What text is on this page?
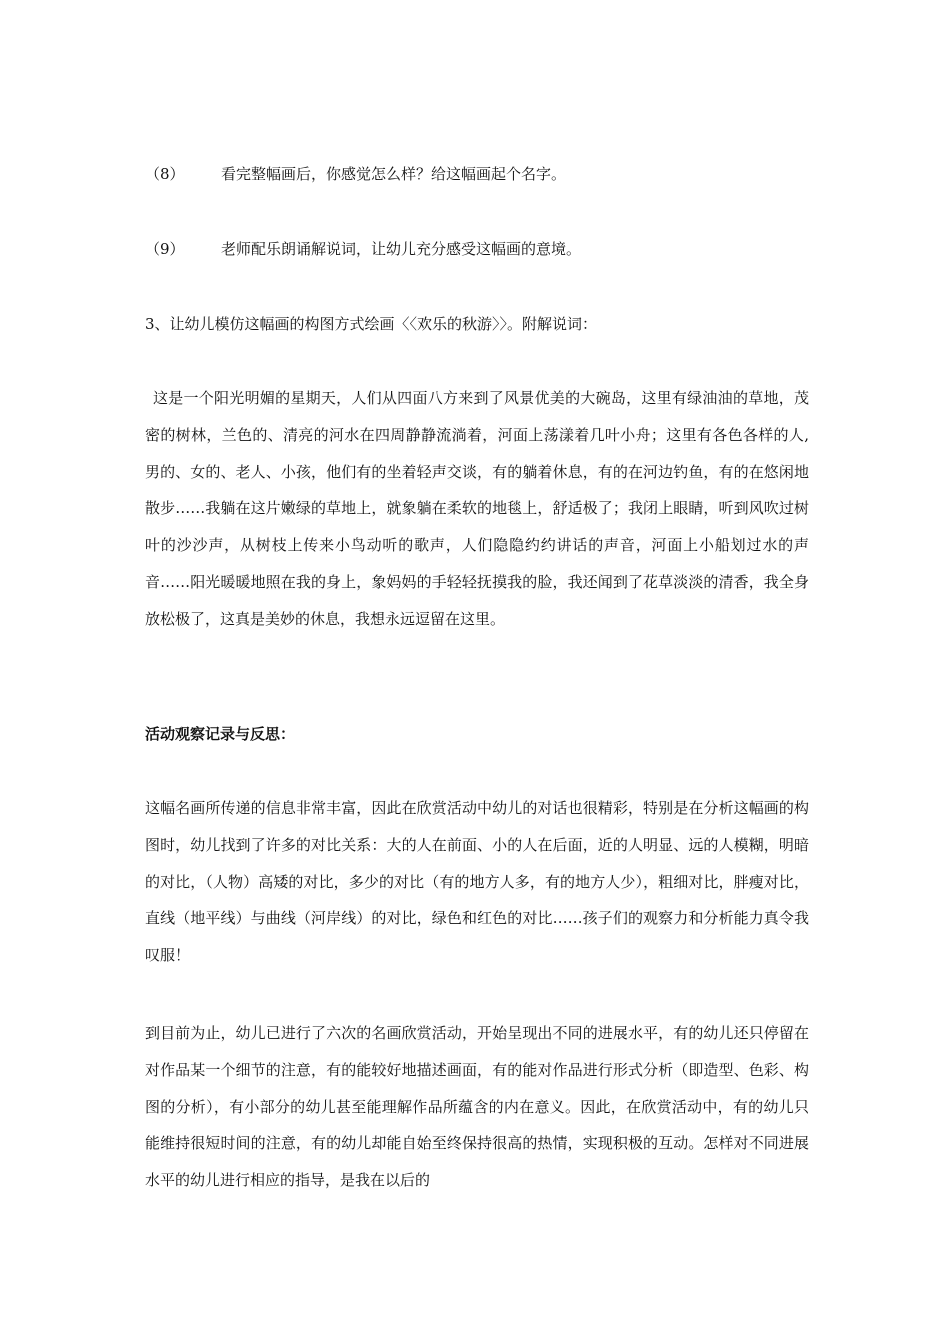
（8） 看完整幅画后，你感觉怎么样？给这幅画起个名字。
（9） 老师配乐朗诵解说词，让幼儿充分感受这幅画的意境。
3、让幼儿模仿这幅画的构图方式绘画〈〈欢乐的秋游〉〉。附解说词：

这是一个阳光明媚的星期天，人们从四面八方来到了风景优美的大碗岛，这里有绿油油的草地，茂密的树林，兰色的、清亮的河水在四周静静流淌着，河面上荡漾着几叶小舟；这里有各色各样的人,男的、女的、老人、小孩，他们有的坐着轻声交谈，有的躺着休息，有的在河边钓鱼，有的在悠闲地散步……我躺在这片嫩绿的草地上，就象躺在柔软的地毯上，舒适极了；我闭上眼睛，听到风吹过树叶的沙沙声，从树枝上传来小鸟动听的歌声，人们隐隐约约讲话的声音，河面上小船划过水的声音……阳光暖暖地照在我的身上，象妈妈的手轻轻抚摸我的脸，我还闻到了花草淡淡的清香，我全身放松极了，这真是美妙的休息，我想永远逗留在这里。

活动观察记录与反思：

这幅名画所传递的信息非常丰富，因此在欣赏活动中幼儿的对话也很精彩，特别是在分析这幅画的构图时，幼儿找到了许多的对比关系：大的人在前面、小的人在后面，近的人明显、远的人模糊，明暗的对比，（人物）高矮的对比，多少的对比（有的地方人多，有的地方人少），粗细对比，胖瘦对比，直线（地平线）与曲线（河岸线）的对比，绿色和红色的对比……孩子们的观察力和分析能力真令我叹服！

到目前为止，幼儿已进行了六次的名画欣赏活动，开始呈现出不同的进展水平，有的幼儿还只停留在对作品某一个细节的注意，有的能较好地描述画面，有的能对作品进行形式分析（即造型、色彩、构图的分析），有小部分的幼儿甚至能理解作品所蕴含的内在意义。因此，在欣赏活动中，有的幼儿只能维持很短时间的注意，有的幼儿却能自始至终保持很高的热情，实现积极的互动。怎样对不同进展水平的幼儿进行相应的指导，是我在以后的
